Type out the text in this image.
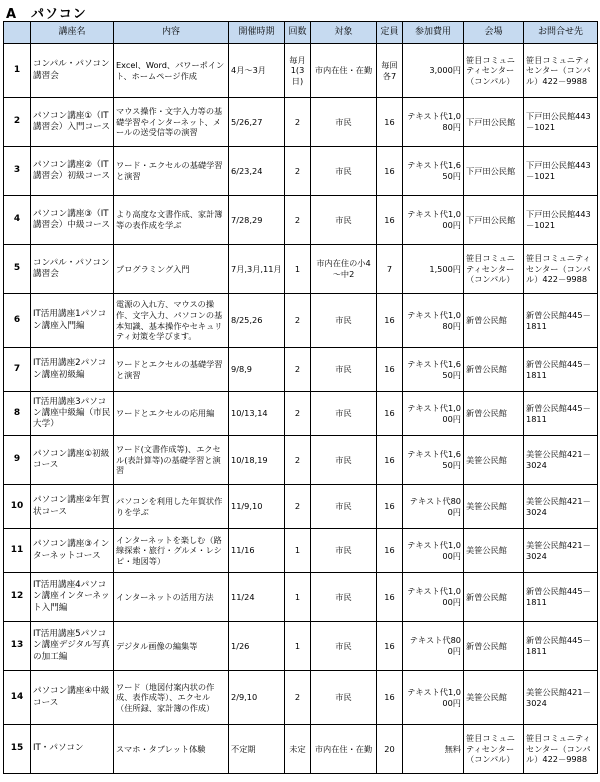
A　パソコン
	講座名	内容	開催時期	回数	対象	定員	参加費用	会場	お問合せ先
1	コンパル・パソコン講習会	Excel、Word、パワーポイント、ホームページ作成	4月～3月	毎月1(3日)	市内在住・在勤	毎回各7	3,000円	笹目コミュニティセンター（コンパル）	笹目コミュニティセンター（コンパル）422－9988
2	パソコン講座①（IT講習会）入門コース	マウス操作・文字入力等の基礎学習やインターネット、メールの送受信等の演習	5/26,27	2	市民	16	テキスト代1,080円	下戸田公民館	下戸田公民館443－1021
3	パソコン講座②（IT講習会）初級コース	ワード・エクセルの基礎学習と演習	6/23,24	2	市民	16	テキスト代1,650円	下戸田公民館	下戸田公民館443－1021
4	パソコン講座③（IT講習会）中級コース	より高度な文書作成、家計簿等の表作成を学ぶ	7/28,29	2	市民	16	テキスト代1,000円	下戸田公民館	下戸田公民館443－1021
5	コンパル・パソコン講習会	プログラミング入門	7月,3月,11月	1	市内在住の小4～中2	7	1,500円	笹目コミュニティセンター（コンパル）	笹目コミュニティセンター（コンパル）422－9988
6	IT活用講座1パソコン講座入門編	電源の入れ方、マウスの操作、文字入力、パソコンの基本知識、基本操作やセキュリティ対策を学びます。	8/25,26	2	市民	16	テキスト代1,080円	新曽公民館	新曽公民館445－1811
7	IT活用講座2パソコン講座初級編	ワードとエクセルの基礎学習と演習	9/8,9	2	市民	16	テキスト代1,650円	新曽公民館	新曽公民館445－1811
8	IT活用講座3パソコン講座中級編（市民大学）	ワードとエクセルの応用編	10/13,14	2	市民	16	テキスト代1,000円	新曽公民館	新曽公民館445－1811
9	パソコン講座①初級コース	ワード(文書作成等)、エクセル(表計算等)の基礎学習と演習	10/18,19	2	市民	16	テキスト代1,650円	美笹公民館	美笹公民館421－3024
10	パソコン講座②年賀状コース	パソコンを利用した年賀状作りを学ぶ	11/9,10	2	市民	16	テキスト代800円	美笹公民館	美笹公民館421－3024
11	パソコン講座③インターネットコース	インターネットを楽しむ（路線探索・旅行・グルメ・レシピ・地図等）	11/16	1	市民	16	テキスト代1,000円	美笹公民館	美笹公民館421－3024
12	IT活用講座4パソコン講座インターネット入門編	インターネットの活用方法	11/24	1	市民	16	テキスト代1,000円	新曽公民館	新曽公民館445－1811
13	IT活用講座5パソコン講座デジタル写真の加工編	デジタル画像の編集等	1/26	1	市民	16	テキスト代800円	新曽公民館	新曽公民館445－1811
14	パソコン講座④中級コース	ワード（地図付案内状の作成、表作成等）、エクセル（住所録、家計簿の作成）	2/9,10	2	市民	16	テキスト代1,000円	美笹公民館	美笹公民館421－3024
15	IT・パソコン	スマホ・タブレット体験	不定期	未定	市内在住・在勤	20	無料	笹目コミュニティセンター（コンパル）	笹目コミュニティセンター（コンパル）422－9988
